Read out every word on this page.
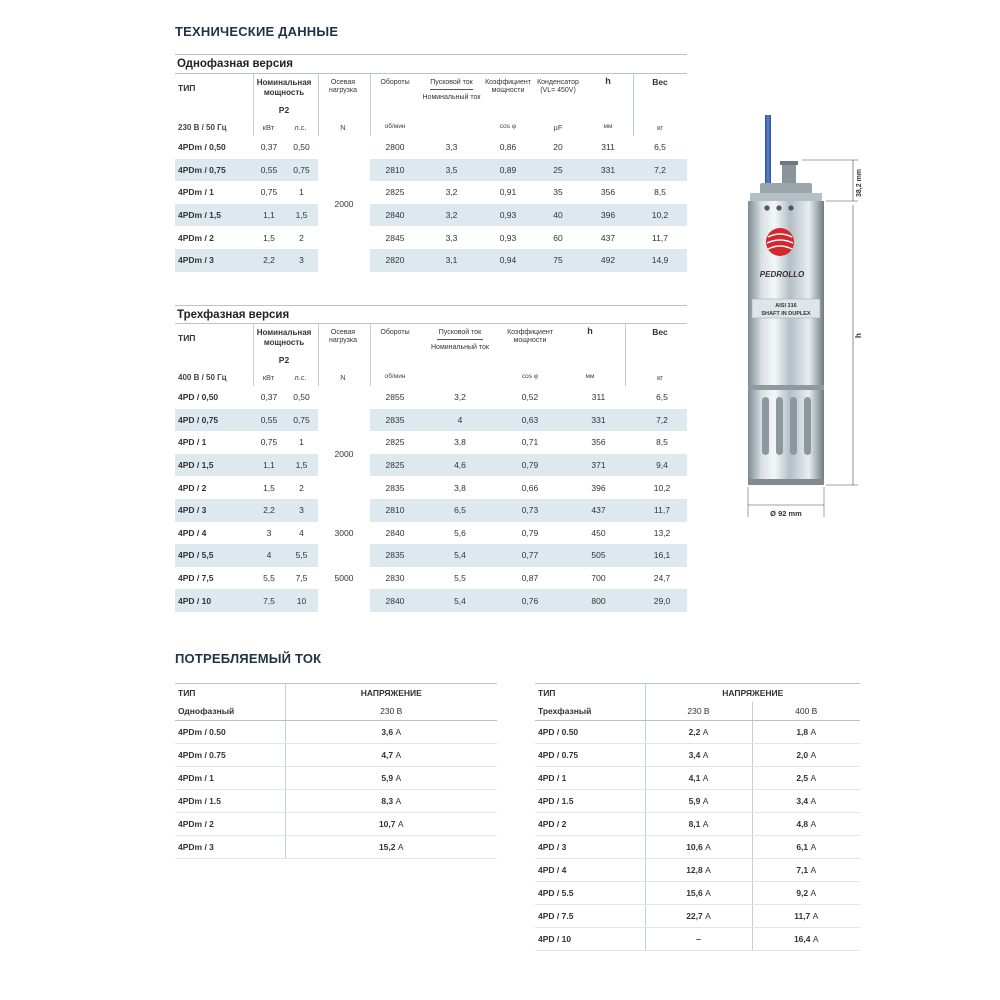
ТЕХНИЧЕСКИЕ ДАННЫЕ
Однофазная версия
ТИП
Номинальная
мощность
P2
Осевая
нагрузка
Обороты	Пусковой ток
Номинальный ток
Коэффициент
мощности
Конденсатор
(VL= 450V)
h	Вес
230 В / 50 Гц	кВт	л.с.	N	об/мин	cos φ	µF	мм	кг
4PDm / 0,50	0,37	0,50	2000	2800	3,3	0,86	20	311	6,5
4PDm / 0,75	0,55	0,75		2810	3,5	0,89	25	331	7,2
4PDm / 1	0,75	1		2825	3,2	0,91	35	356	8,5
4PDm / 1,5	1,1	1,5		2840	3,2	0,93	40	396	10,2
4PDm / 2	1,5	2		2845	3,3	0,93	60	437	11,7
4PDm / 3	2,2	3		2820	3,1	0,94	75	492	14,9
Трехфазная версия
ТИП
Номинальная
мощность
P2
Осевая
нагрузка
Обороты	Пусковой ток
Номинальный ток
Коэффициент
мощности
h	Вес
400 В / 50 Гц	кВт	л.с.	N	об/мин	cos φ	мм	кг
4PD / 0,50	0,37	0,50	2000	2855	3,2	0,52	311	6,5
4PD / 0,75	0,55	0,75		2835	4	0,63	331	7,2
4PD / 1	0,75	1		2825	3,8	0,71	356	8,5
4PD / 1,5	1,1	1,5		2825	4,6	0,79	371	9,4
4PD / 2	1,5	2		2835	3,8	0,66	396	10,2
4PD / 3	2,2	3		2810	6,5	0,73	437	11,7
4PD / 4	3	4	3000	2840	5,6	0,79	450	13,2
4PD / 5,5	4	5,5	5000	2835	5,4	0,77	505	16,1
4PD / 7,5	5,5	7,5		2830	5,5	0,87	700	24,7
4PD / 10	7,5	10		2840	5,4	0,76	800	29,0
PEDROLLO
AISI 316
SHAFT IN DUPLEX
38,2 mm
h
Ø 92 mm
ПОТРЕБЛЯЕМЫЙ ТОК
ТИП	НАПРЯЖЕНИЕ
Однофазный	230 В
4PDm / 0.50	3,6 A
4PDm / 0.75	4,7 A
4PDm / 1	5,9 A
4PDm / 1.5	8,3 A
4PDm / 2	10,7 A
4PDm / 3	15,2 A
ТИП	НАПРЯЖЕНИЕ	
Трехфазный	230 В	400 В
4PD / 0.50	2,2 A	1,8 A
4PD / 0.75	3,4 A	2,0 A
4PD / 1	4,1 A	2,5 A
4PD / 1.5	5,9 A	3,4 A
4PD / 2	8,1 A	4,8 A
4PD / 3	10,6 A	6,1 A
4PD / 4	12,8 A	7,1 A
4PD / 5.5	15,6 A	9,2 A
4PD / 7.5	22,7 A	11,7 A
4PD / 10	–	16,4 A
